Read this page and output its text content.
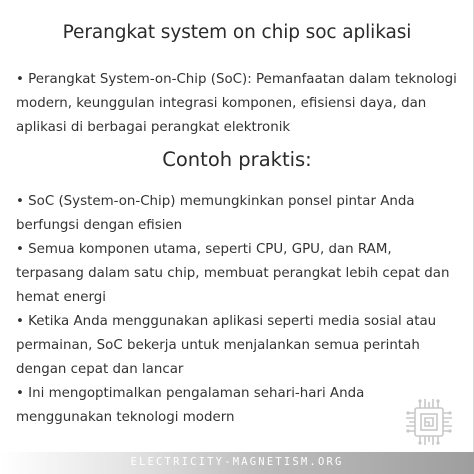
Perangkat system on chip soc aplikasi
• Perangkat System-on-Chip (SoC): Pemanfaatan dalam teknologi modern, keunggulan integrasi komponen, efisiensi daya, dan aplikasi di berbagai perangkat elektronik
Contoh praktis:
• SoC (System-on-Chip) memungkinkan ponsel pintar Anda berfungsi dengan efisien
• Semua komponen utama, seperti CPU, GPU, dan RAM, terpasang dalam satu chip, membuat perangkat lebih cepat dan hemat energi
• Ketika Anda menggunakan aplikasi seperti media sosial atau permainan, SoC bekerja untuk menjalankan semua perintah dengan cepat dan lancar
• Ini mengoptimalkan pengalaman sehari-hari Anda menggunakan teknologi modern
ELECTRICITY-MAGNETISM.ORG
